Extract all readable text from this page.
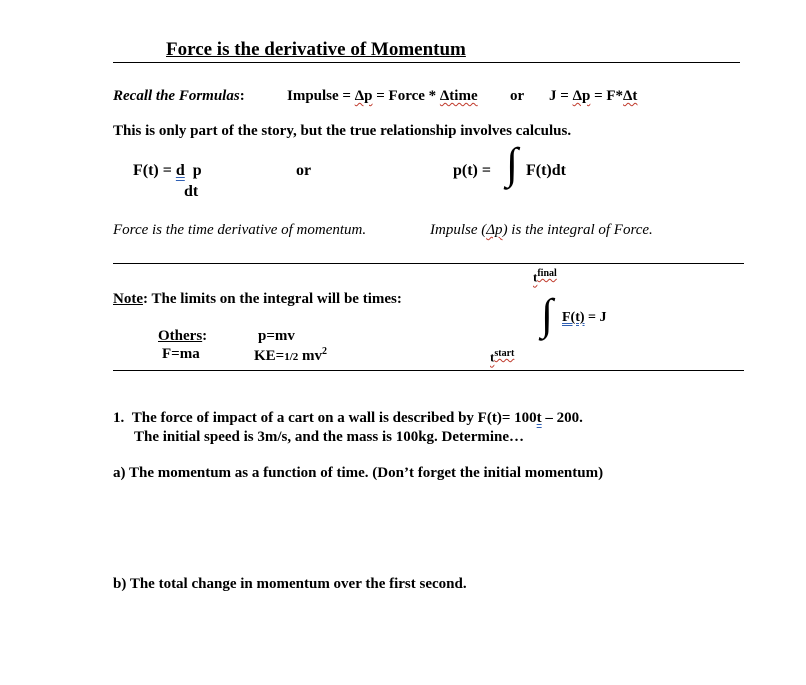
Force is the derivative of Momentum
Recall the Formulas:	Impulse = Δp = Force * Δtime or J = Δp = F*Δt
This is only part of the story, but the true relationship involves calculus.
F(t) = d p
dt
or	p(t) = ∫ F(t)dt
Force is the time derivative of momentum.	Impulse (Δp) is the integral of Force.
Note: The limits on the integral will be times:
$t^{final}$
∫ F(t) = J
$t^{start}$
Others:
F=ma
p=mv
KE=1/2 $mv^2$
1. The force of impact of a cart on a wall is described by F(t)= 100t – 200.
The initial speed is 3m/s, and the mass is 100kg. Determine…
a) The momentum as a function of time. (Don’t forget the initial momentum)
b) The total change in momentum over the first second.
